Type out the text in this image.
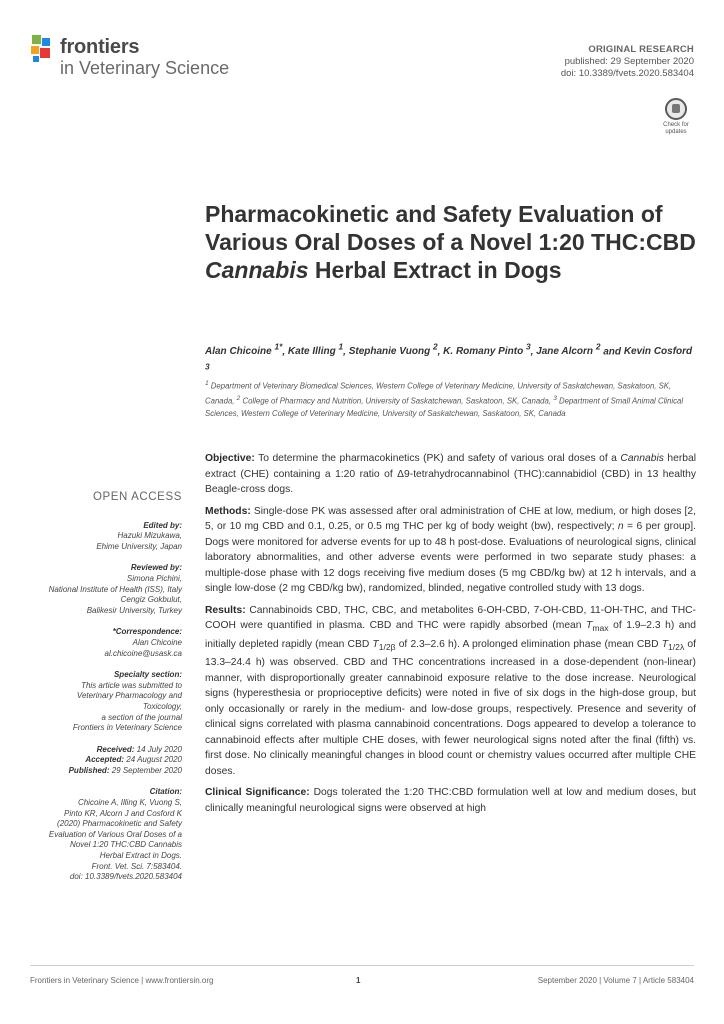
frontiers
in Veterinary Science
ORIGINAL RESEARCH
published: 29 September 2020
doi: 10.3389/fvets.2020.583404
Check for
updates
Pharmacokinetic and Safety Evaluation of Various Oral Doses of a Novel 1:20 THC:CBD Cannabis Herbal Extract in Dogs

Alan Chicoine $^{1*}$, Kate Illing $^1$, Stephanie Vuong $^2$, K. Romany Pinto $^3$, Jane Alcorn $^2$ and Kevin Cosford $^3$

$^1$ Department of Veterinary Biomedical Sciences, Western College of Veterinary Medicine, University of Saskatchewan, Saskatoon, SK, Canada, $^2$ College of Pharmacy and Nutrition, University of Saskatchewan, Saskatoon, SK, Canada, $^3$ Department of Small Animal Clinical Sciences, Western College of Veterinary Medicine, University of Saskatchewan, Saskatoon, SK, Canada

OPEN ACCESS
Edited by:
Hazuki Mizukawa,
Ehime University, Japan
Reviewed by:
Simona Pichini,
National Institute of Health (ISS), Italy
Cengiz Gokbulut,
Balikesir University, Turkey
*Correspondence:
Alan Chicoine
al.chicoine@usask.ca
Specialty section:
This article was submitted to
Veterinary Pharmacology and
Toxicology,
a section of the journal
Frontiers in Veterinary Science

Received: 14 July 2020

Accepted: 24 August 2020

Published: 29 September 2020

Citation:
Chicoine A, Illing K, Vuong S,
Pinto KR, Alcorn J and Cosford K
(2020) Pharmacokinetic and Safety
Evaluation of Various Oral Doses of a
Novel 1:20 THC:CBD Cannabis
Herbal Extract in Dogs.
Front. Vet. Sci. 7:583404.
doi: 10.3389/fvets.2020.583404

Objective: To determine the pharmacokinetics (PK) and safety of various oral doses of a Cannabis herbal extract (CHE) containing a 1:20 ratio of Δ9-tetrahydrocannabinol (THC):cannabidiol (CBD) in 13 healthy Beagle-cross dogs.

Methods: Single-dose PK was assessed after oral administration of CHE at low, medium, or high doses [2, 5, or 10 mg CBD and 0.1, 0.25, or 0.5 mg THC per kg of body weight (bw), respectively; n = 6 per group]. Dogs were monitored for adverse events for up to 48 h post-dose. Evaluations of neurological signs, clinical laboratory abnormalities, and other adverse events were performed in two separate study phases: a multiple-dose phase with 12 dogs receiving five medium doses (5 mg CBD/kg bw) at 12 h intervals, and a single low-dose (2 mg CBD/kg bw), randomized, blinded, negative controlled study with 13 dogs.

Results: Cannabinoids CBD, THC, CBC, and metabolites 6-OH-CBD, 7-OH-CBD, 11-OH-THC, and THC-COOH were quantified in plasma. CBD and THC were rapidly absorbed (mean $T_{max}$ of 1.9–2.3 h) and initially depleted rapidly (mean CBD $T_{1/2\beta}$ of 2.3–2.6 h). A prolonged elimination phase (mean CBD $T_{1/2\lambda}$ of 13.3–24.4 h) was observed. CBD and THC concentrations increased in a dose-dependent (non-linear) manner, with disproportionally greater cannabinoid exposure relative to the dose increase. Neurological signs (hyperesthesia or proprioceptive deficits) were noted in five of six dogs in the high-dose group, but only occasionally or rarely in the medium- and low-dose groups, respectively. Presence and severity of clinical signs correlated with plasma cannabinoid concentrations. Dogs appeared to develop a tolerance to cannabinoid effects after multiple CHE doses, with fewer neurological signs noted after the final (fifth) vs. first dose. No clinically meaningful changes in blood count or chemistry values occurred after multiple CHE doses.

Clinical Significance: Dogs tolerated the 1:20 THC:CBD formulation well at low and medium doses, but clinically meaningful neurological signs were observed at high

Frontiers in Veterinary Science | www.frontiersin.org	1	September 2020 | Volume 7 | Article 583404
